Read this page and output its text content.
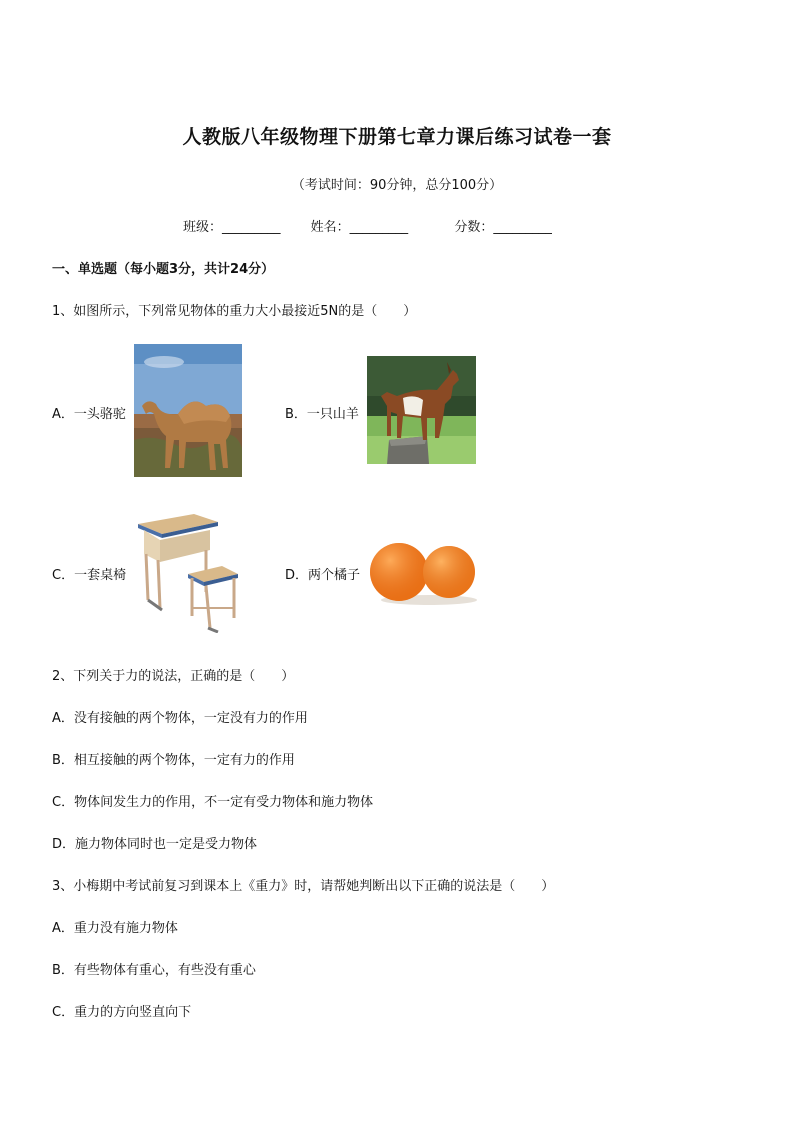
人教版八年级物理下册第七章力课后练习试卷一套
（考试时间：90分钟，总分100分）
班级：_________ 姓名：_________	分数：_________
一、单选题（每小题3分，共计24分）
1、如图所示，下列常见物体的重力大小最接近5N的是（　　）
A．一头骆驼	B．一只山羊
C．一套桌椅	D．两个橘子
2、下列关于力的说法，正确的是（　　）
A．没有接触的两个物体，一定没有力的作用
B．相互接触的两个物体，一定有力的作用
C．物体间发生力的作用，不一定有受力物体和施力物体
D．施力物体同时也一定是受力物体
3、小梅期中考试前复习到课本上《重力》时，请帮她判断出以下正确的说法是（　　）
A．重力没有施力物体
B．有些物体有重心，有些没有重心
C．重力的方向竖直向下
